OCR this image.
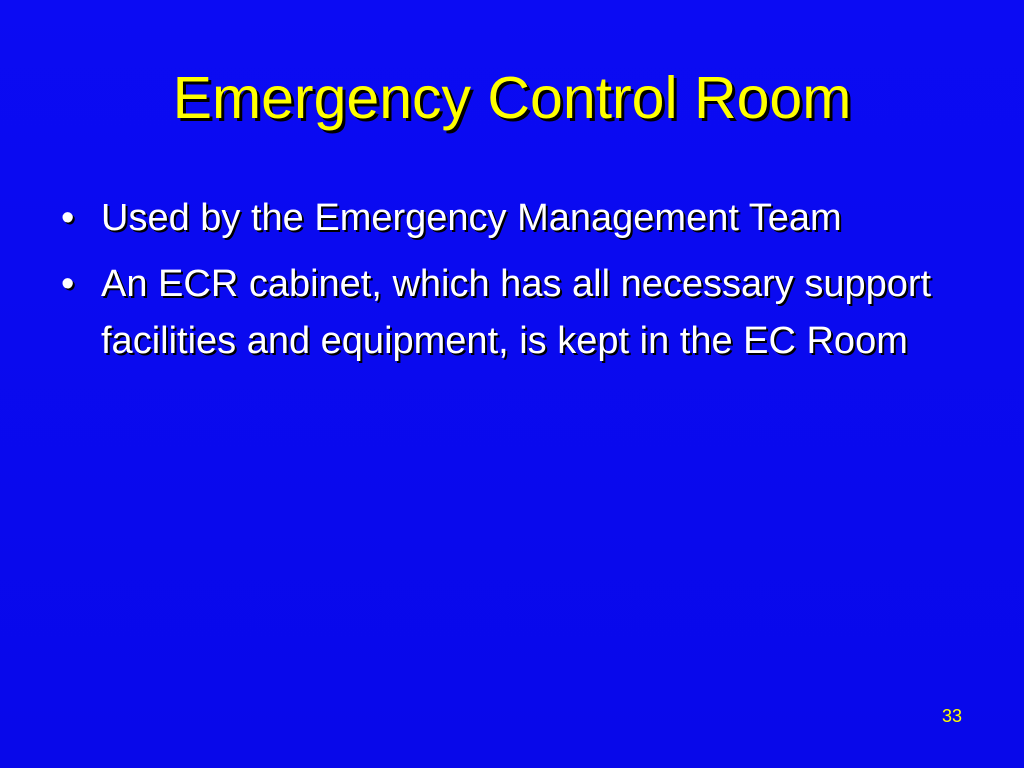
Emergency Control Room
• Used by the Emergency Management Team
• An ECR cabinet, which has all necessary support facilities and equipment, is kept in the EC Room
33
